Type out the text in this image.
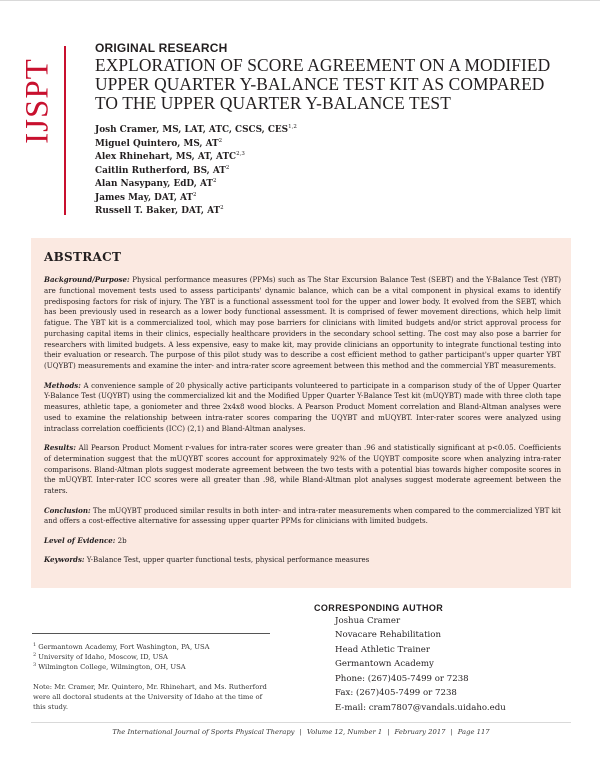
IJSPT
ORIGINAL RESEARCH
EXPLORATION OF SCORE AGREEMENT ON A MODIFIED
UPPER QUARTER Y-BALANCE TEST KIT AS COMPARED
TO THE UPPER QUARTER Y-BALANCE TEST
Josh Cramer, MS, LAT, ATC, CSCS, CES$^{1,2}$
Miguel Quintero, MS, $AT^2$
Alex Rhinehart, MS, AT, ATC$^{2,3}$
Caitlin Rutherford, BS, $AT^2$
Alan Nasypany, EdD, $AT^2$
James May, DAT, $AT^2$
Russell T. Baker, DAT, $AT^2$
ABSTRACT

Background/Purpose: Physical performance measures (PPMs) such as The Star Excursion Balance Test (SEBT) and the Y-Balance Test (YBT) are functional movement tests used to assess participants' dynamic balance, which can be a vital component in physical exams to identify predisposing factors for risk of injury. The YBT is a functional assessment tool for the upper and lower body. It evolved from the SEBT, which has been previously used in research as a lower body functional assessment. It is comprised of fewer movement directions, which help limit fatigue. The YBT kit is a commercialized tool, which may pose barriers for clinicians with limited budgets and/or strict approval process for purchasing capital items in their clinics, especially healthcare providers in the secondary school setting. The cost may also pose a barrier for researchers with limited budgets. A less expensive, easy to make kit, may provide clinicians an opportunity to integrate functional testing into their evaluation or research. The purpose of this pilot study was to describe a cost efficient method to gather participant's upper quarter YBT (UQYBT) measurements and examine the inter- and intra-rater score agreement between this method and the commercial YBT measurements.

Methods: A convenience sample of 20 physically active participants volunteered to participate in a comparison study of the of Upper Quarter Y-Balance Test (UQYBT) using the commercialized kit and the Modified Upper Quarter Y-Balance Test kit (mUQYBT) made with three cloth tape measures, athletic tape, a goniometer and three 2x4x8 wood blocks. A Pearson Product Moment correlation and Bland-Altman analyses were used to examine the relationship between intra-rater scores comparing the UQYBT and mUQYBT. Inter-rater scores were analyzed using intraclass correlation coefficients (ICC) (2,1) and Bland-Altman analyses.

Results: All Pearson Product Moment r-values for intra-rater scores were greater than .96 and statistically significant at p<0.05. Coefficients of determination suggest that the mUQYBT scores account for approximately 92% of the UQYBT composite score when analyzing intra-rater comparisons. Bland-Altman plots suggest moderate agreement between the two tests with a potential bias towards higher composite scores in the mUQYBT. Inter-rater ICC scores were all greater than .98, while Bland-Altman plot analyses suggest moderate agreement between the raters.

Conclusion: The mUQYBT produced similar results in both inter- and intra-rater measurements when compared to the commercialized YBT kit and offers a cost-effective alternative for assessing upper quarter PPMs for clinicians with limited budgets.

Level of Evidence: 2b

Keywords: Y-Balance Test, upper quarter functional tests, physical performance measures

CORRESPONDING AUTHOR
Joshua Cramer
Novacare Rehabilitation
Head Athletic Trainer
Germantown Academy
Phone: (267)405-7499 or 7238
Fax: (267)405-7499 or 7238
E-mail: cram7807@vandals.uidaho.edu
$^1$ Germantown Academy, Fort Washington, PA, USA
$^2$ University of Idaho, Moscow, ID, USA
$^3$ Wilmington College, Wilmington, OH, USA
Note: Mr. Cramer, Mr. Quintero, Mr. Rhinehart, and Ms. Rutherford were all doctoral students at the University of Idaho at the time of this study.
The International Journal of Sports Physical Therapy | Volume 12, Number 1 | February 2017 | Page 117
